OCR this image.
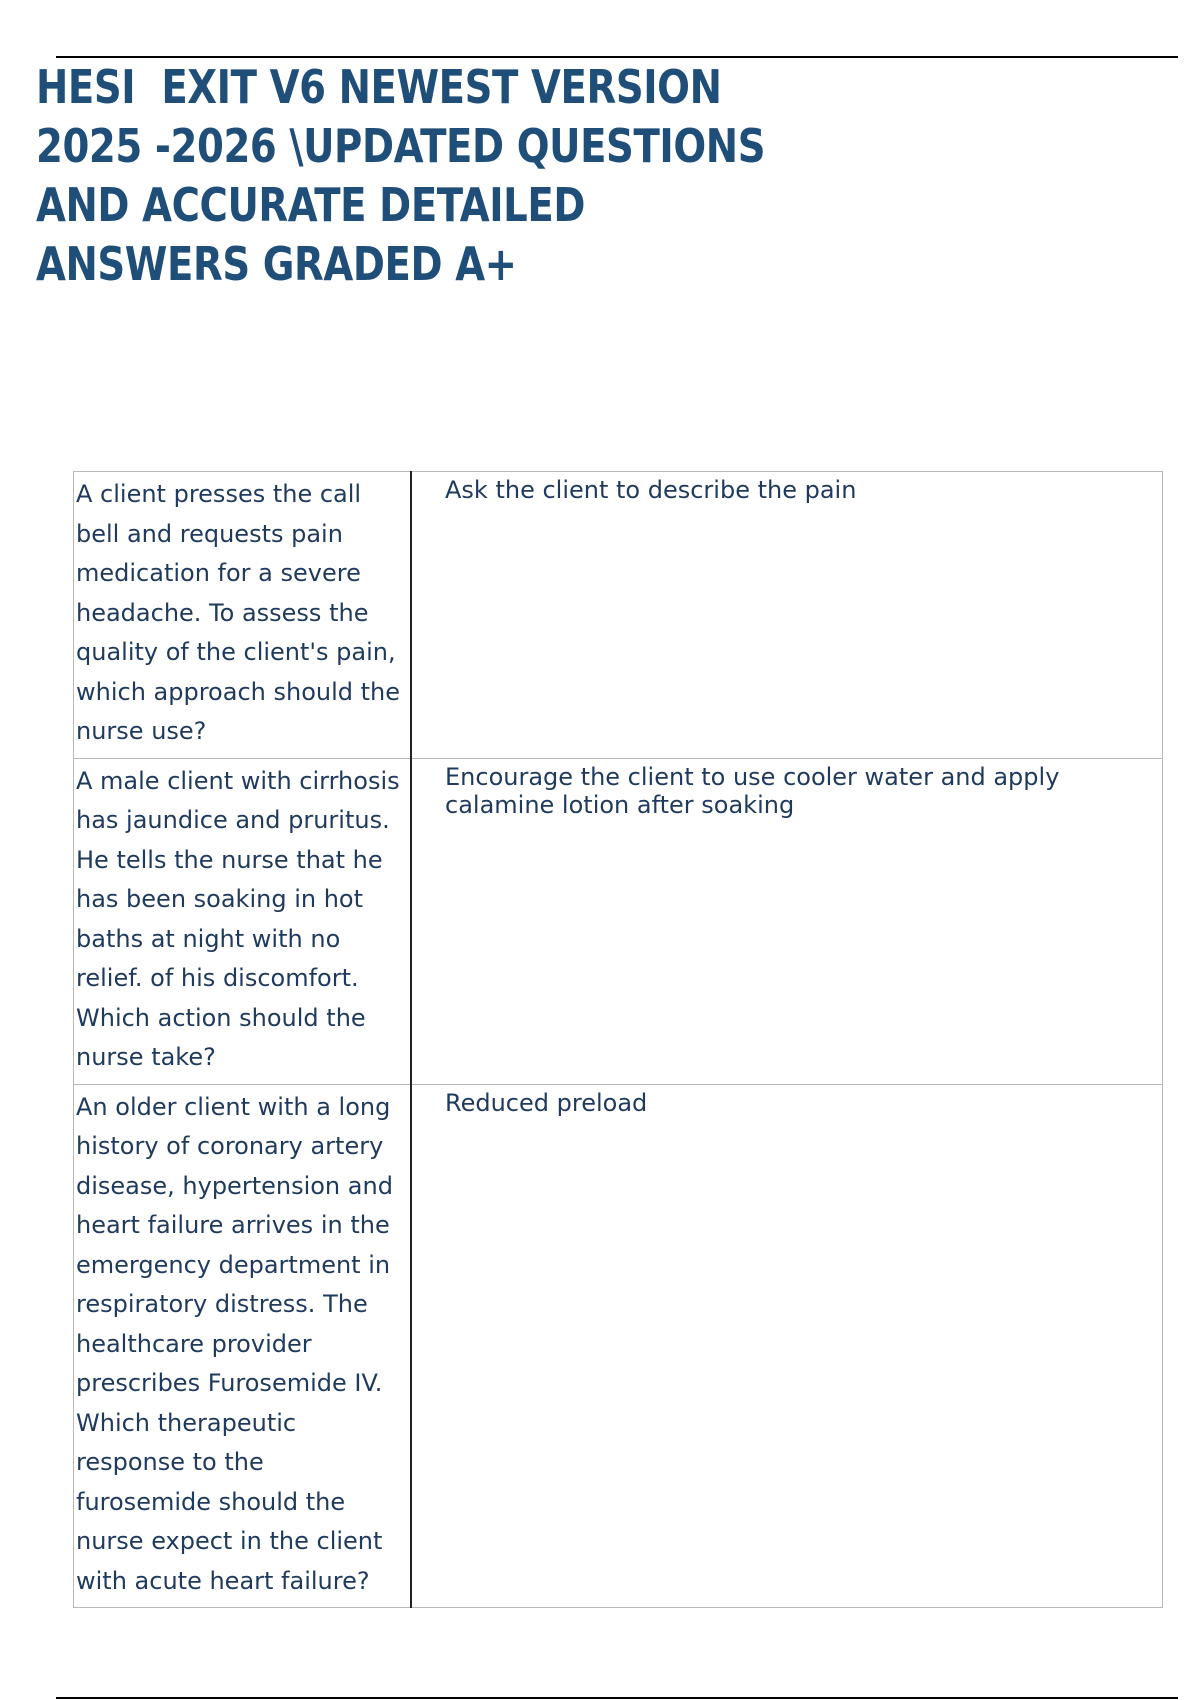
HESI  EXIT V6 NEWEST VERSION
2025 -2026 \UPDATED QUESTIONS
AND ACCURATE DETAILED
ANSWERS GRADED A+
A client presses the call bell and requests pain medication for a severe headache. To assess the quality of the client's pain, which approach should the nurse use?	Ask the client to describe the pain

A male client with cirrhosis has jaundice and pruritus. He tells the nurse that he has been soaking in hot baths at night with no relief. of his discomfort. Which action should the nurse take?	Encourage the client to use cooler water and apply calamine lotion after soaking

An older client with a long history of coronary artery disease, hypertension and heart failure arrives in the emergency department in respiratory distress. The healthcare provider prescribes Furosemide IV. Which therapeutic response to the furosemide should the nurse expect in the client with acute heart failure?	Reduced preload
